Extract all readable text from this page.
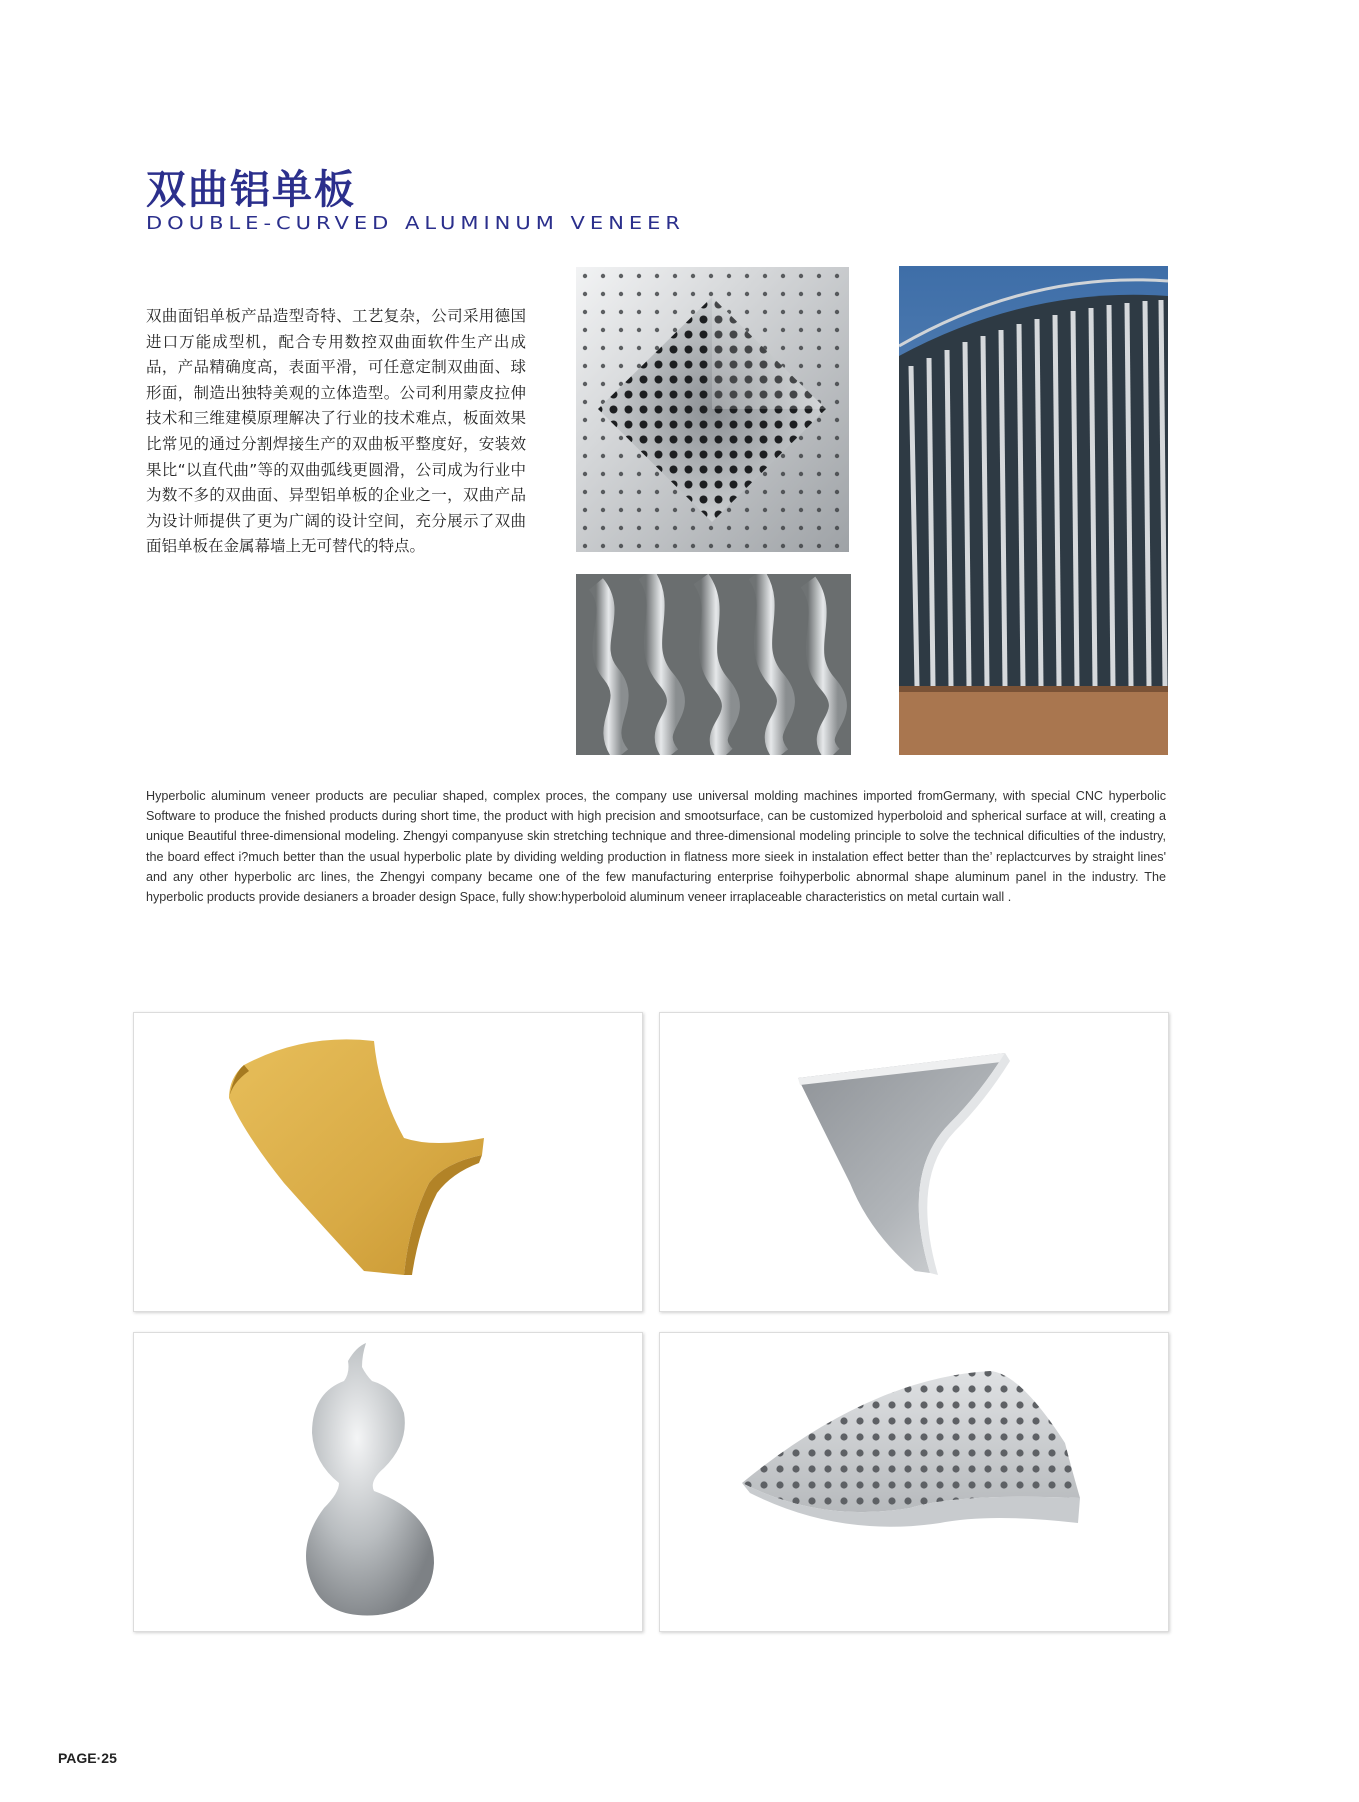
双曲铝单板
DOUBLE-CURVED ALUMINUM VENEER

双曲面铝单板产品造型奇特、工艺复杂，公司采用德国进口万能成型机，配合专用数控双曲面软件生产出成品，产品精确度高，表面平滑，可任意定制双曲面、球形面，制造出独特美观的立体造型。公司利用蒙皮拉伸技术和三维建模原理解决了行业的技术难点，板面效果比常见的通过分割焊接生产的双曲板平整度好，安装效果比“以直代曲”等的双曲弧线更圆滑，公司成为行业中为数不多的双曲面、异型铝单板的企业之一，双曲产品为设计师提供了更为广阔的设计空间，充分展示了双曲面铝单板在金属幕墙上无可替代的特点。

Hyperbolic aluminum veneer products are peculiar shaped, complex proces, the company use universal molding machines imported fromGermany, with special CNC hyperbolic Software to produce the fnished products during short time, the product with high precision and smootsurface, can be customized hyperboloid and spherical surface at will, creating a unique Beautiful three-dimensional modeling. Zhengyi companyuse skin stretching technique and three-dimensional modeling principle to solve the technical dificulties of the industry, the board effect i?much better than the usual hyperbolic plate by dividing welding production in flatness more sieek in instalation effect better than the’ replactcurves by straight lines' and any other hyperbolic arc lines, the Zhengyi company became one of the few manufacturing enterprise foihyperbolic abnormal shape aluminum panel in the industry. The hyperbolic products provide desianers a broader design Space, fully show:hyperboloid aluminum veneer irraplaceable characteristics on metal curtain wall .

PAGE·25
